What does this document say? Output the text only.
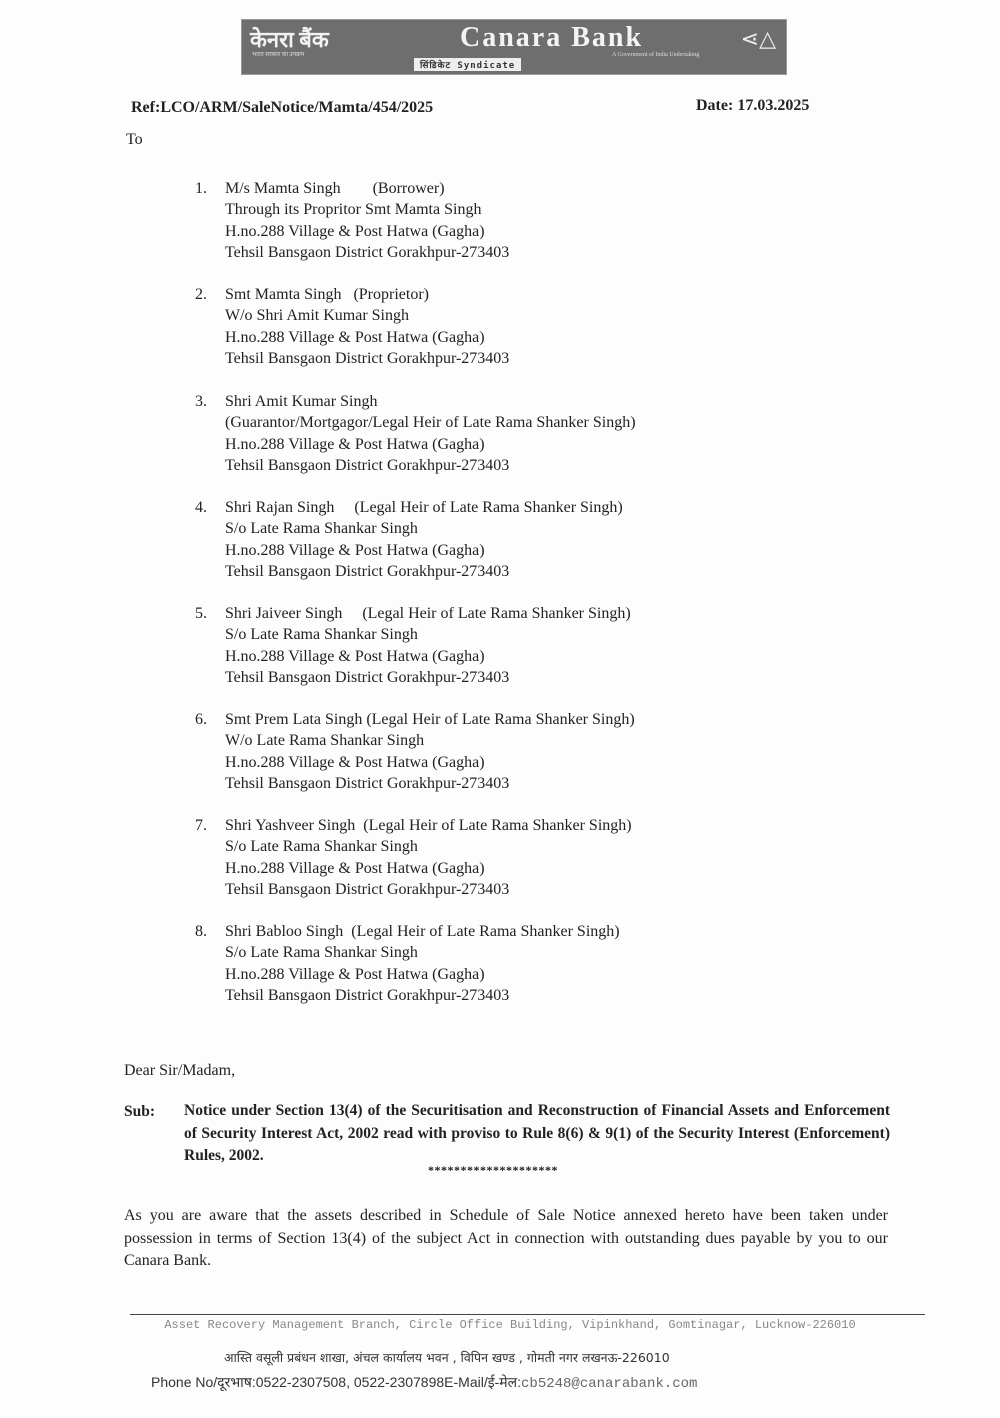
केनरा बैंक
भारत सरकार का उपक्रम
Canara Bank
A Government of India Undertaking
⋖△
सिंडिकेट Syndicate
Ref:LCO/ARM/SaleNotice/Mamta/454/2025	Date: 17.03.2025
To
1. M/s Mamta Singh        (Borrower)
Through its Propritor Smt Mamta Singh
H.no.288 Village & Post Hatwa (Gagha)
Tehsil Bansgaon District Gorakhpur-273403
2. Smt Mamta Singh   (Proprietor)
W/o Shri Amit Kumar Singh
H.no.288 Village & Post Hatwa (Gagha)
Tehsil Bansgaon District Gorakhpur-273403
3. Shri Amit Kumar Singh
(Guarantor/Mortgagor/Legal Heir of Late Rama Shanker Singh)
H.no.288 Village & Post Hatwa (Gagha)
Tehsil Bansgaon District Gorakhpur-273403
4. Shri Rajan Singh     (Legal Heir of Late Rama Shanker Singh)
S/o Late Rama Shankar Singh
H.no.288 Village & Post Hatwa (Gagha)
Tehsil Bansgaon District Gorakhpur-273403
5. Shri Jaiveer Singh     (Legal Heir of Late Rama Shanker Singh)
S/o Late Rama Shankar Singh
H.no.288 Village & Post Hatwa (Gagha)
Tehsil Bansgaon District Gorakhpur-273403
6. Smt Prem Lata Singh (Legal Heir of Late Rama Shanker Singh)
W/o Late Rama Shankar Singh
H.no.288 Village & Post Hatwa (Gagha)
Tehsil Bansgaon District Gorakhpur-273403
7. Shri Yashveer Singh  (Legal Heir of Late Rama Shanker Singh)
S/o Late Rama Shankar Singh
H.no.288 Village & Post Hatwa (Gagha)
Tehsil Bansgaon District Gorakhpur-273403
8. Shri Babloo Singh  (Legal Heir of Late Rama Shanker Singh)
S/o Late Rama Shankar Singh
H.no.288 Village & Post Hatwa (Gagha)
Tehsil Bansgaon District Gorakhpur-273403
Dear Sir/Madam,
Sub: Notice under Section 13(4) of the Securitisation and Reconstruction of Financial Assets and Enforcement of Security Interest Act, 2002 read with proviso to Rule 8(6) & 9(1) of the Security Interest (Enforcement) Rules, 2002.
********************
As you are aware that the assets described in Schedule of Sale Notice annexed hereto have been taken under possession in terms of Section 13(4) of the subject Act in connection with outstanding dues payable by you to our Canara Bank.
Asset Recovery Management Branch, Circle Office Building, Vipinkhand, Gomtinagar, Lucknow-226010
आस्ति वसूली प्रबंधन शाखा, अंचल कार्यालय भवन , विपिन खण्ड , गोमती नगर लखनऊ-226010
Phone No/दूरभाष:0522-2307508, 0522-2307898E-Mail/ई-मेल:cb5248@canarabank.com
